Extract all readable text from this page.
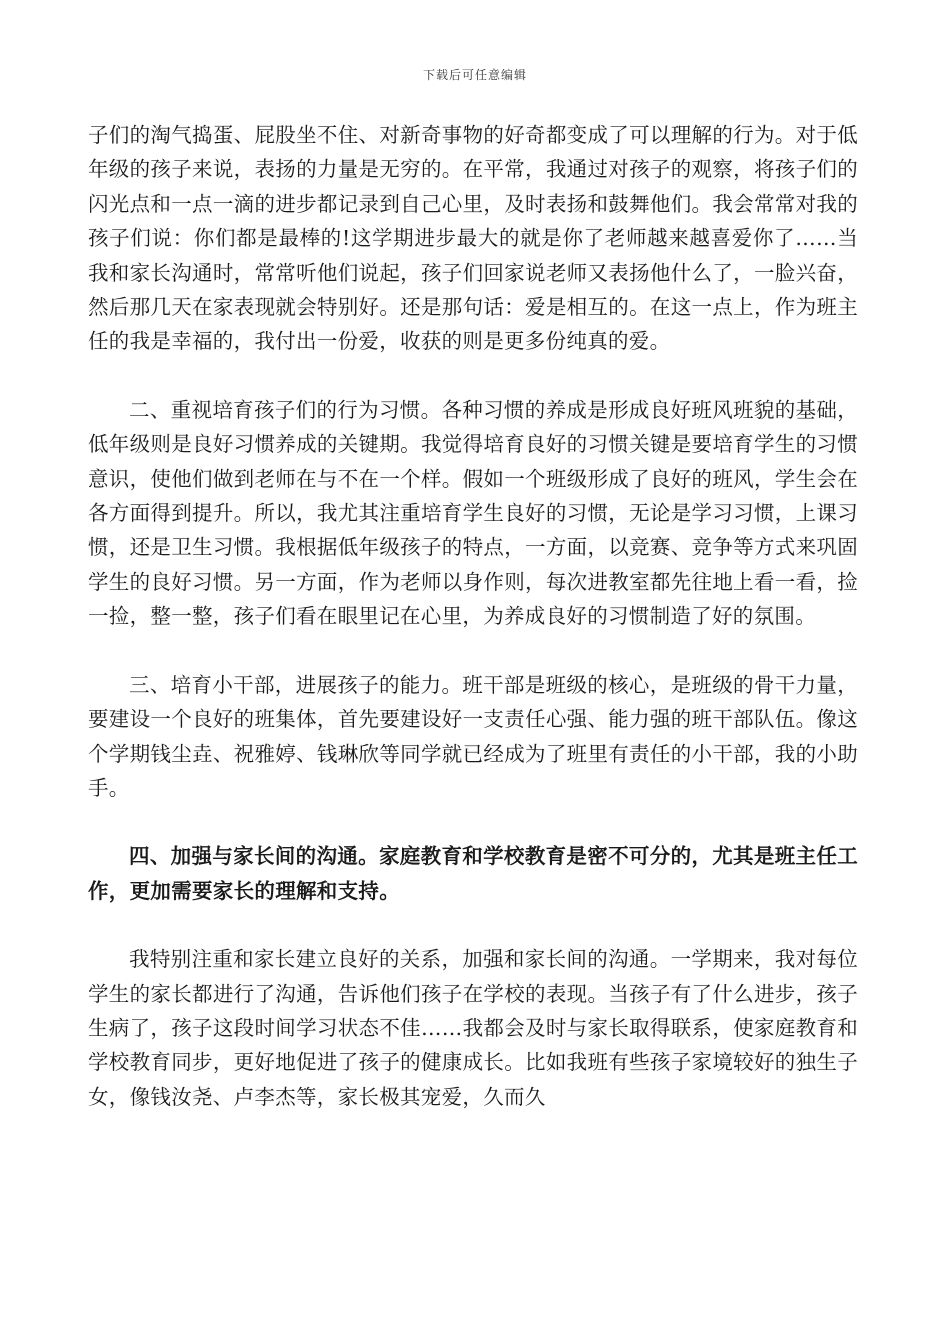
下载后可任意编辑

子们的淘气捣蛋、屁股坐不住、对新奇事物的好奇都变成了可以理解的行为。对于低年级的孩子来说，表扬的力量是无穷的。在平常，我通过对孩子的观察，将孩子们的闪光点和一点一滴的进步都记录到自己心里，及时表扬和鼓舞他们。我会常常对我的孩子们说：你们都是最棒的!这学期进步最大的就是你了老师越来越喜爱你了……当我和家长沟通时，常常听他们说起，孩子们回家说老师又表扬他什么了，一脸兴奋，然后那几天在家表现就会特别好。还是那句话：爱是相互的。在这一点上，作为班主任的我是幸福的，我付出一份爱，收获的则是更多份纯真的爱。

二、重视培育孩子们的行为习惯。各种习惯的养成是形成良好班风班貌的基础，低年级则是良好习惯养成的关键期。我觉得培育良好的习惯关键是要培育学生的习惯意识，使他们做到老师在与不在一个样。假如一个班级形成了良好的班风，学生会在各方面得到提升。所以，我尤其注重培育学生良好的习惯，无论是学习习惯，上课习惯，还是卫生习惯。我根据低年级孩子的特点，一方面，以竞赛、竞争等方式来巩固学生的良好习惯。另一方面，作为老师以身作则，每次进教室都先往地上看一看，捡一捡，整一整，孩子们看在眼里记在心里，为养成良好的习惯制造了好的氛围。

三、培育小干部，进展孩子的能力。班干部是班级的核心，是班级的骨干力量，要建设一个良好的班集体，首先要建设好一支责任心强、能力强的班干部队伍。像这个学期钱尘垚、祝雅婷、钱琳欣等同学就已经成为了班里有责任的小干部，我的小助手。

四、加强与家长间的沟通。家庭教育和学校教育是密不可分的，尤其是班主任工作，更加需要家长的理解和支持。

我特别注重和家长建立良好的关系，加强和家长间的沟通。一学期来，我对每位学生的家长都进行了沟通，告诉他们孩子在学校的表现。当孩子有了什么进步，孩子生病了，孩子这段时间学习状态不佳……我都会及时与家长取得联系，使家庭教育和学校教育同步，更好地促进了孩子的健康成长。比如我班有些孩子家境较好的独生子女，像钱汝尧、卢李杰等，家长极其宠爱，久而久
